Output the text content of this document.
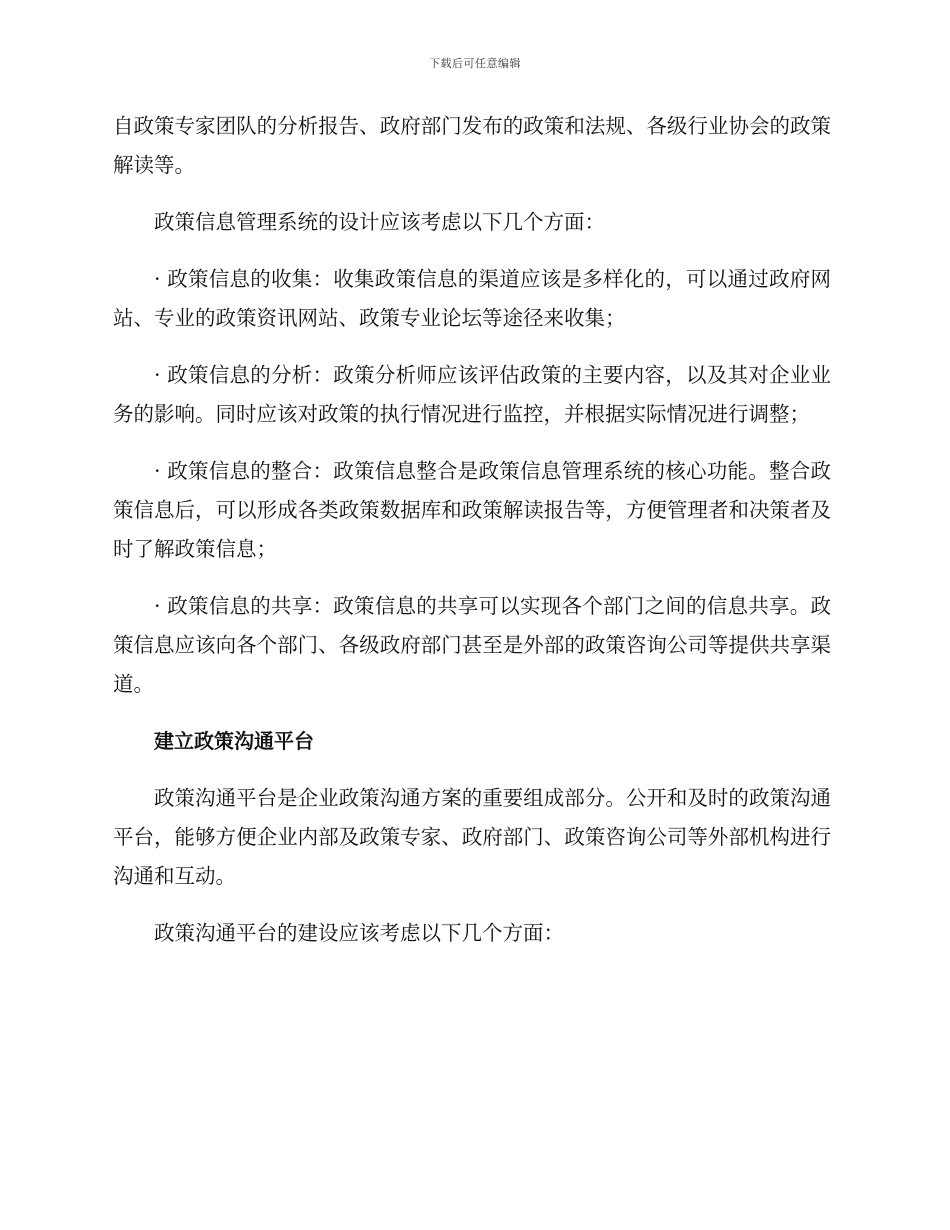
下载后可任意编辑

自政策专家团队的分析报告、政府部门发布的政策和法规、各级行业协会的政策解读等。

政策信息管理系统的设计应该考虑以下几个方面：

· 政策信息的收集：收集政策信息的渠道应该是多样化的，可以通过政府网站、专业的政策资讯网站、政策专业论坛等途径来收集；

· 政策信息的分析：政策分析师应该评估政策的主要内容，以及其对企业业务的影响。同时应该对政策的执行情况进行监控，并根据实际情况进行调整；

· 政策信息的整合：政策信息整合是政策信息管理系统的核心功能。整合政策信息后，可以形成各类政策数据库和政策解读报告等，方便管理者和决策者及时了解政策信息；

· 政策信息的共享：政策信息的共享可以实现各个部门之间的信息共享。政策信息应该向各个部门、各级政府部门甚至是外部的政策咨询公司等提供共享渠道。

建立政策沟通平台

政策沟通平台是企业政策沟通方案的重要组成部分。公开和及时的政策沟通平台，能够方便企业内部及政策专家、政府部门、政策咨询公司等外部机构进行沟通和互动。

政策沟通平台的建设应该考虑以下几个方面：
